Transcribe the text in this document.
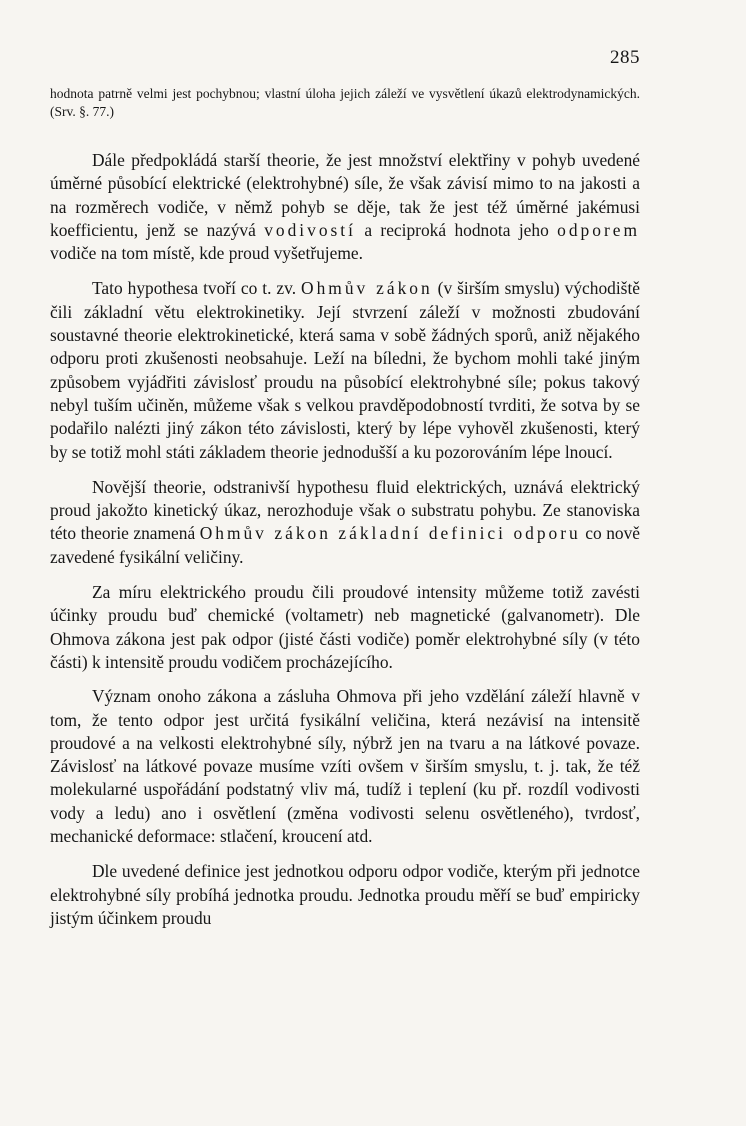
285

hodnota patrně velmi jest pochybnou; vlastní úloha jejich záleží ve vysvětlení úkazů elektrodynamických. (Srv. §. 77.)

Dále předpokládá starší theorie, že jest množství elektřiny v pohyb uvedené úměrné působící elektrické (elektrohybné) síle, že však závisí mimo to na jakosti a na rozměrech vodiče, v němž pohyb se děje, tak že jest též úměrné jakémusi koefficientu, jenž se nazývá vodivostí a reciproká hodnota jeho odporem vodiče na tom místě, kde proud vyšetřujeme.

Tato hypothesa tvoří co t. zv. Ohmův zákon (v širším smyslu) východiště čili základní větu elektrokinetiky. Její stvrzení záleží v možnosti zbudování soustavné theorie elektrokinetické, která sama v sobě žádných sporů, aniž nějakého odporu proti zkušenosti neobsahuje. Leží na bíledni, že bychom mohli také jiným způsobem vyjádřiti závislosť proudu na působící elektrohybné síle; pokus takový nebyl tuším učiněn, můžeme však s velkou pravděpodobností tvrditi, že sotva by se podařilo nalézti jiný zákon této závislosti, který by lépe vyhověl zkušenosti, který by se totiž mohl státi základem theorie jednodušší a ku pozorováním lépe lnoucí.

Novější theorie, odstranivší hypothesu fluid elektrických, uznává elektrický proud jakožto kinetický úkaz, nerozhoduje však o substratu pohybu. Ze stanoviska této theorie znamená Ohmův zákon základní definici odporu co nově zavedené fysikální veličiny.

Za míru elektrického proudu čili proudové intensity můžeme totiž zavésti účinky proudu buď chemické (voltametr) neb magnetické (galvanometr). Dle Ohmova zákona jest pak odpor (jisté části vodiče) poměr elektrohybné síly (v této části) k intensitě proudu vodičem procházejícího.

Význam onoho zákona a zásluha Ohmova při jeho vzdělání záleží hlavně v tom, že tento odpor jest určitá fysikální veličina, která nezávisí na intensitě proudové a na velkosti elektrohybné síly, nýbrž jen na tvaru a na látkové povaze. Závislosť na látkové povaze musíme vzíti ovšem v širším smyslu, t. j. tak, že též molekularné uspořádání podstatný vliv má, tudíž i teplení (ku př. rozdíl vodivosti vody a ledu) ano i osvětlení (změna vodivosti selenu osvětleného), tvrdosť, mechanické deformace: stlačení, kroucení atd.

Dle uvedené definice jest jednotkou odporu odpor vodiče, kterým při jednotce elektrohybné síly probíhá jednotka proudu. Jednotka proudu měří se buď empiricky jistým účinkem proudu
